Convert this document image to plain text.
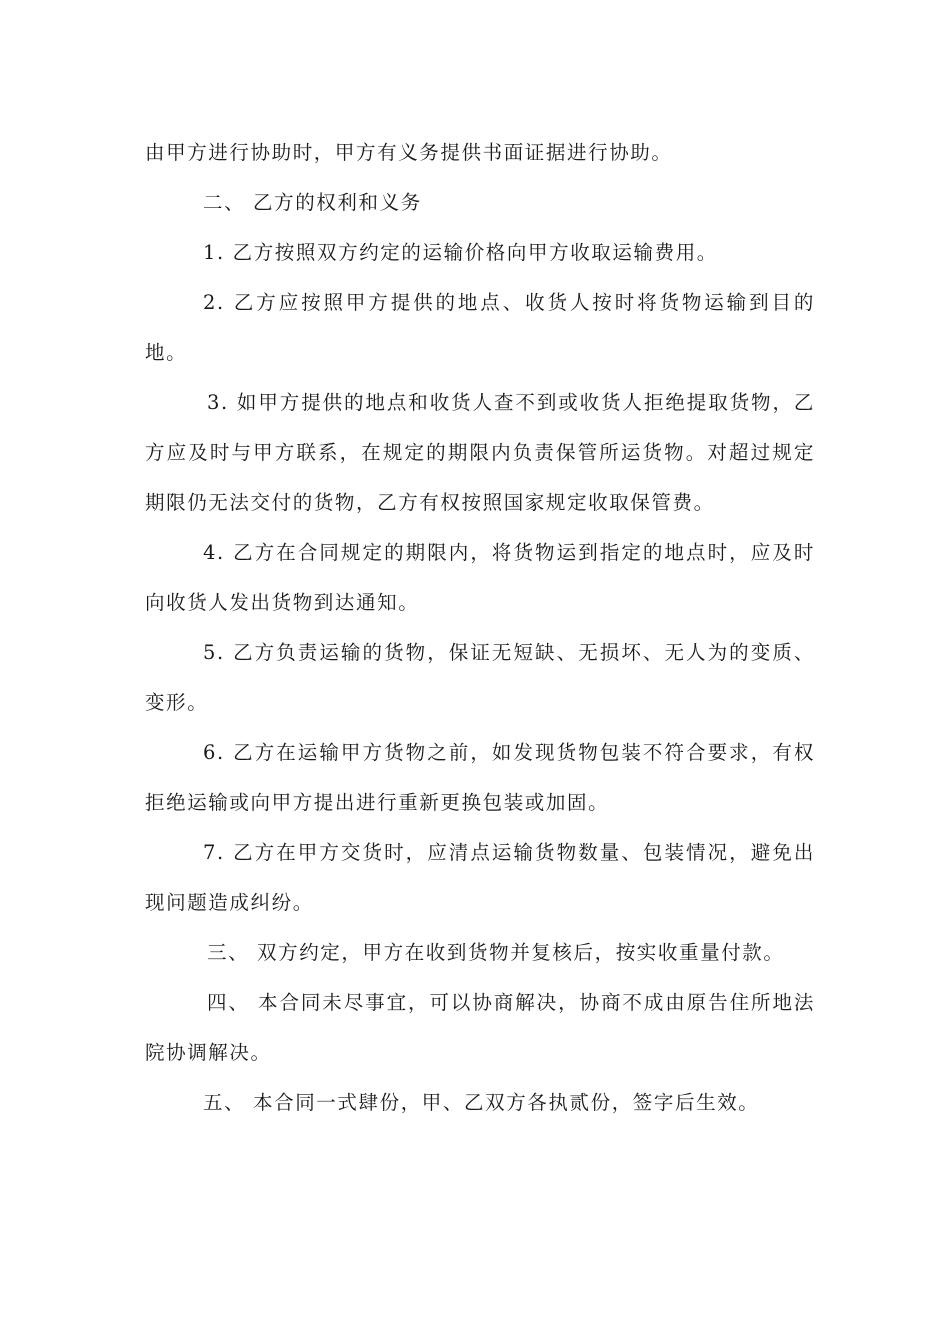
由甲方进行协助时，甲方有义务提供书面证据进行协助。

二、 乙方的权利和义务

1. 乙方按照双方约定的运输价格向甲方收取运输费用。

2. 乙方应按照甲方提供的地点、收货人按时将货物运输到目的地。

3. 如甲方提供的地点和收货人查不到或收货人拒绝提取货物，乙方应及时与甲方联系，在规定的期限内负责保管所运货物。对超过规定期限仍无法交付的货物，乙方有权按照国家规定收取保管费。

4. 乙方在合同规定的期限内，将货物运到指定的地点时，应及时向收货人发出货物到达通知。

5. 乙方负责运输的货物，保证无短缺、无损坏、无人为的变质、变形。

6. 乙方在运输甲方货物之前，如发现货物包装不符合要求，有权拒绝运输或向甲方提出进行重新更换包装或加固。

7. 乙方在甲方交货时，应清点运输货物数量、包装情况，避免出现问题造成纠纷。

三、 双方约定，甲方在收到货物并复核后，按实收重量付款。

四、 本合同未尽事宜，可以协商解决，协商不成由原告住所地法院协调解决。

五、 本合同一式肆份，甲、乙双方各执贰份，签字后生效。
